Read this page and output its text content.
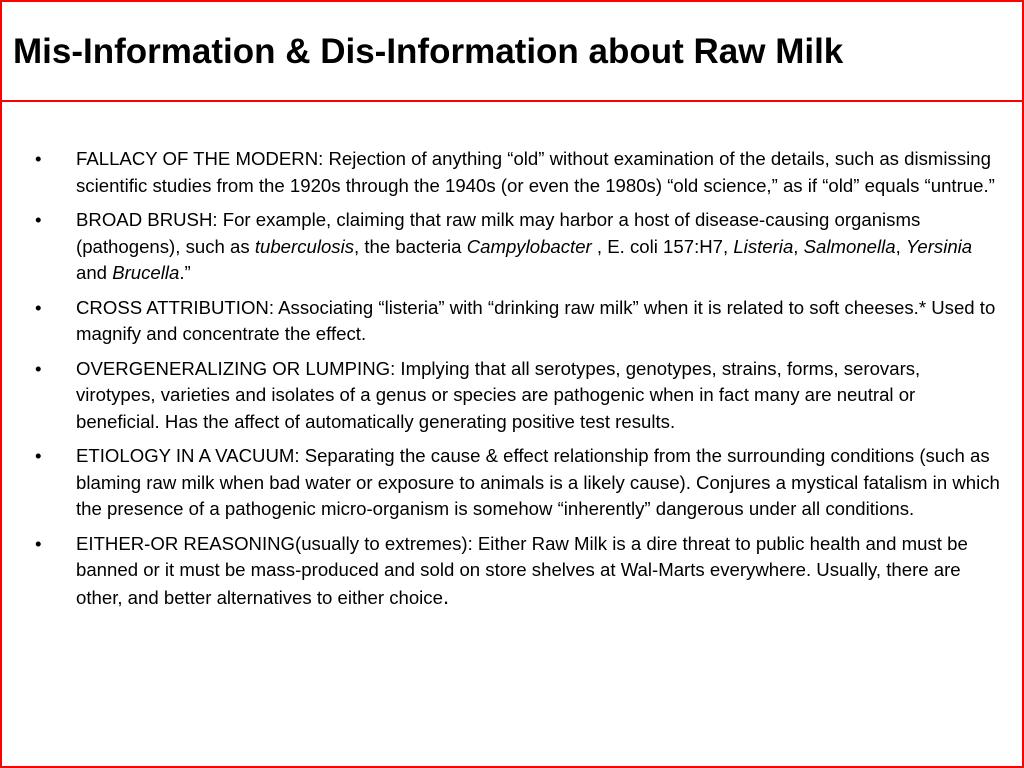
Mis-Information & Dis-Information about Raw Milk
• FALLACY OF THE MODERN: Rejection of anything “old” without examination of the details, such as dismissing scientific studies from the 1920s through the 1940s (or even the 1980s) “old science,” as if “old” equals “untrue.”
• BROAD BRUSH: For example, claiming that raw milk may harbor a host of disease-causing organisms (pathogens), such as tuberculosis, the bacteria Campylobacter , E. coli 157:H7, Listeria, Salmonella, Yersinia and Brucella.”
• CROSS ATTRIBUTION: Associating “listeria” with “drinking raw milk” when it is related to soft cheeses.* Used to magnify and concentrate the effect.
• OVERGENERALIZING OR LUMPING: Implying that all serotypes, genotypes, strains, forms, serovars, virotypes, varieties and isolates of a genus or species are pathogenic when in fact many are neutral or beneficial. Has the affect of automatically generating positive test results.
• ETIOLOGY IN A VACUUM: Separating the cause & effect relationship from the surrounding conditions (such as blaming raw milk when bad water or exposure to animals is a likely cause). Conjures a mystical fatalism in which the presence of a pathogenic micro-organism is somehow “inherently” dangerous under all conditions.
• EITHER-OR REASONING(usually to extremes): Either Raw Milk is a dire threat to public health and must be banned or it must be mass-produced and sold on store shelves at Wal-Marts everywhere. Usually, there are other, and better alternatives to either choice.
